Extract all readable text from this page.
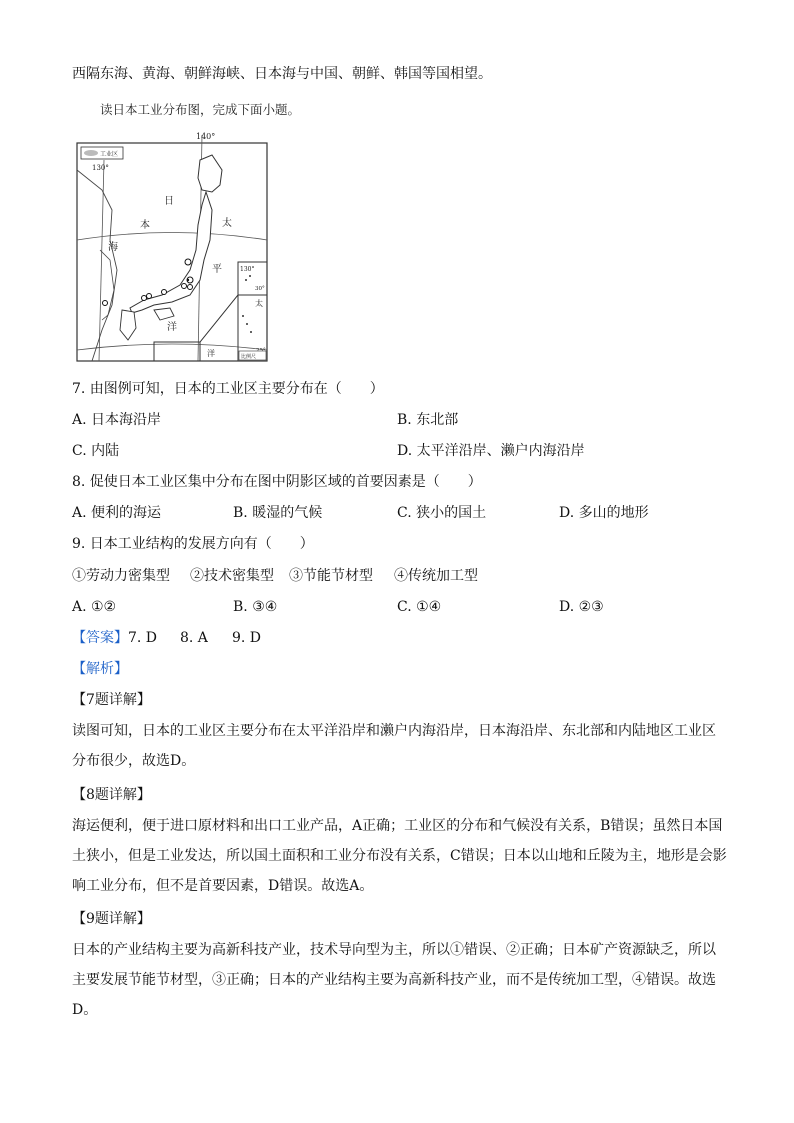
西隔东海、黄海、朝鲜海峡、日本海与中国、朝鲜、韩国等国相望。
读日本工业分布图，完成下面小题。
工业区
140°
130°
日
本
海
太
平
洋
130°
30°
太
洋	比例尺
7. 由图例可知，日本的工业区主要分布在（　　）
A. 日本海沿岸	B. 东北部
C. 内陆	D. 太平洋沿岸、濑户内海沿岸
8. 促使日本工业区集中分布在图中阴影区域的首要因素是（　　）
A. 便利的海运	B. 暖湿的气候	C. 狭小的国土	D. 多山的地形
9. 日本工业结构的发展方向有（　　）
①劳动力密集型 ②技术密集型 ③节能节材型 ④传统加工型
A. ①②	B. ③④	C. ①④	D. ②③
【答案】 7. D 8. A 9. D
【解析】
【7题详解】
读图可知，日本的工业区主要分布在太平洋沿岸和濑户内海沿岸，日本海沿岸、东北部和内陆地区工业区分布很少，故选D。
【8题详解】
海运便利，便于进口原材料和出口工业产品，A正确；工业区的分布和气候没有关系，B错误；虽然日本国土狭小，但是工业发达，所以国土面积和工业分布没有关系，C错误；日本以山地和丘陵为主，地形是会影响工业分布，但不是首要因素，D错误。故选A。
【9题详解】
日本的产业结构主要为高新科技产业，技术导向型为主，所以①错误、②正确；日本矿产资源缺乏，所以主要发展节能节材型，③正确；日本的产业结构主要为高新科技产业，而不是传统加工型，④错误。故选D。
